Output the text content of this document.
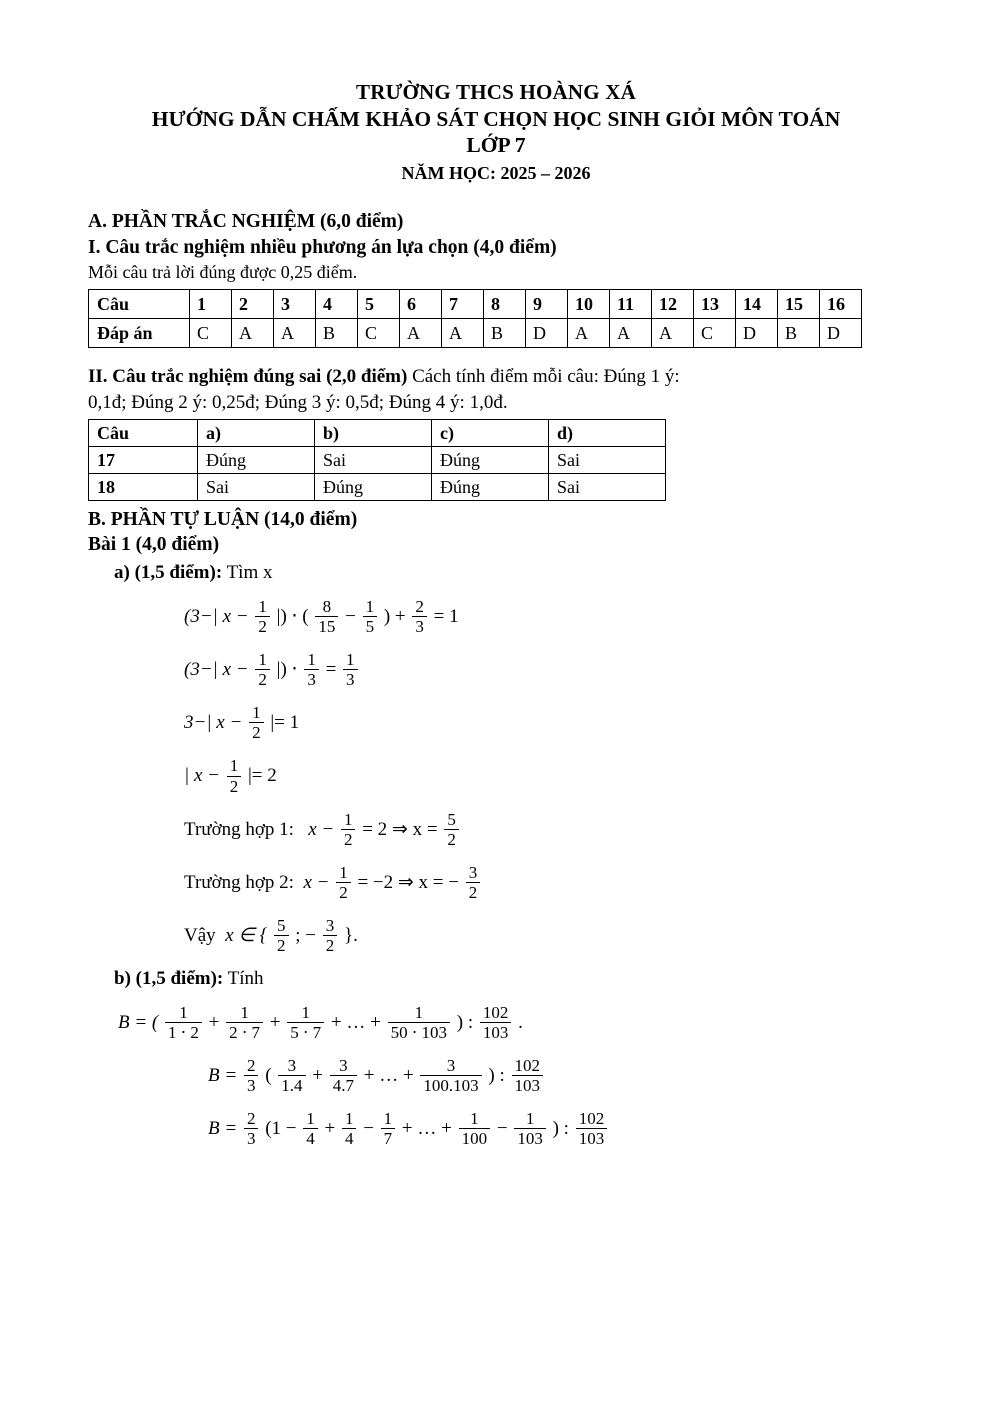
TRƯỜNG THCS HOÀNG XÁ
HƯỚNG DẪN CHẤM KHẢO SÁT CHỌN HỌC SINH GIỎI MÔN TOÁN
LỚP 7
NĂM HỌC: 2025 – 2026
A. PHẦN TRẮC NGHIỆM (6,0 điểm)
I. Câu trắc nghiệm nhiều phương án lựa chọn (4,0 điểm)
Mỗi câu trả lời đúng được 0,25 điểm.
Câu	1	2	3	4	5	6	7	8	9	10	11	12	13	14	15	16
Đáp án	C	A	A	B	C	A	A	B	D	A	A	A	C	D	B	D
II. Câu trắc nghiệm đúng sai (2,0 điểm) Cách tính điểm mỗi câu: Đúng 1 ý:
0,1đ; Đúng 2 ý: 0,25đ; Đúng 3 ý: 0,5đ; Đúng 4 ý: 1,0đ.
Câu	a)	b)	c)	d)
17	Đúng	Sai	Đúng	Sai
18	Sai	Đúng	Đúng	Sai
B. PHẦN TỰ LUẬN (14,0 điểm)
Bài 1 (4,0 điểm)
a) (1,5 điểm): Tìm x
(3−| $x - \frac{1}{2}$ |) ⋅ ( $\frac{8}{15} - \frac{1}{5}$ ) + $\frac{2}{3} = 1$
(3−| $x - \frac{1}{2}$ |) ⋅ $\frac{1}{3} = \frac{1}{3}$
3−| $x - \frac{1}{2}$ |= 1
| $x - \frac{1}{2}$ |= 2
Trường hợp 1: $x - \frac{1}{2} = 2$ ⇒ $x = \frac{5}{2}$
Trường hợp 2: $x - \frac{1}{2} = -2$ ⇒ x = − $\frac{3}{2}$
Vậy x ∈ { $\frac{5}{2}$ ; − $\frac{3}{2}$ }.
b) (1,5 điểm): Tính
B = ( $\frac{1}{1 \cdot 2} + \frac{1}{2 \cdot 7} + \frac{1}{5 \cdot 7}$ + … + $\frac{1}{50 \cdot 103}$ ) : $\frac{102}{103}$ .
$B = \frac{2}{3}$ ( $\frac{3}{1.4} + \frac{3}{4.7}$ + … + $\frac{3}{100.103}$ ) : $\frac{102}{103}$
$B = \frac{2}{3} (1 - \frac{1}{4} + \frac{1}{4} - \frac{1}{7}$ + … + $\frac{1}{100} - \frac{1}{103}$ ) : $\frac{102}{103}$
